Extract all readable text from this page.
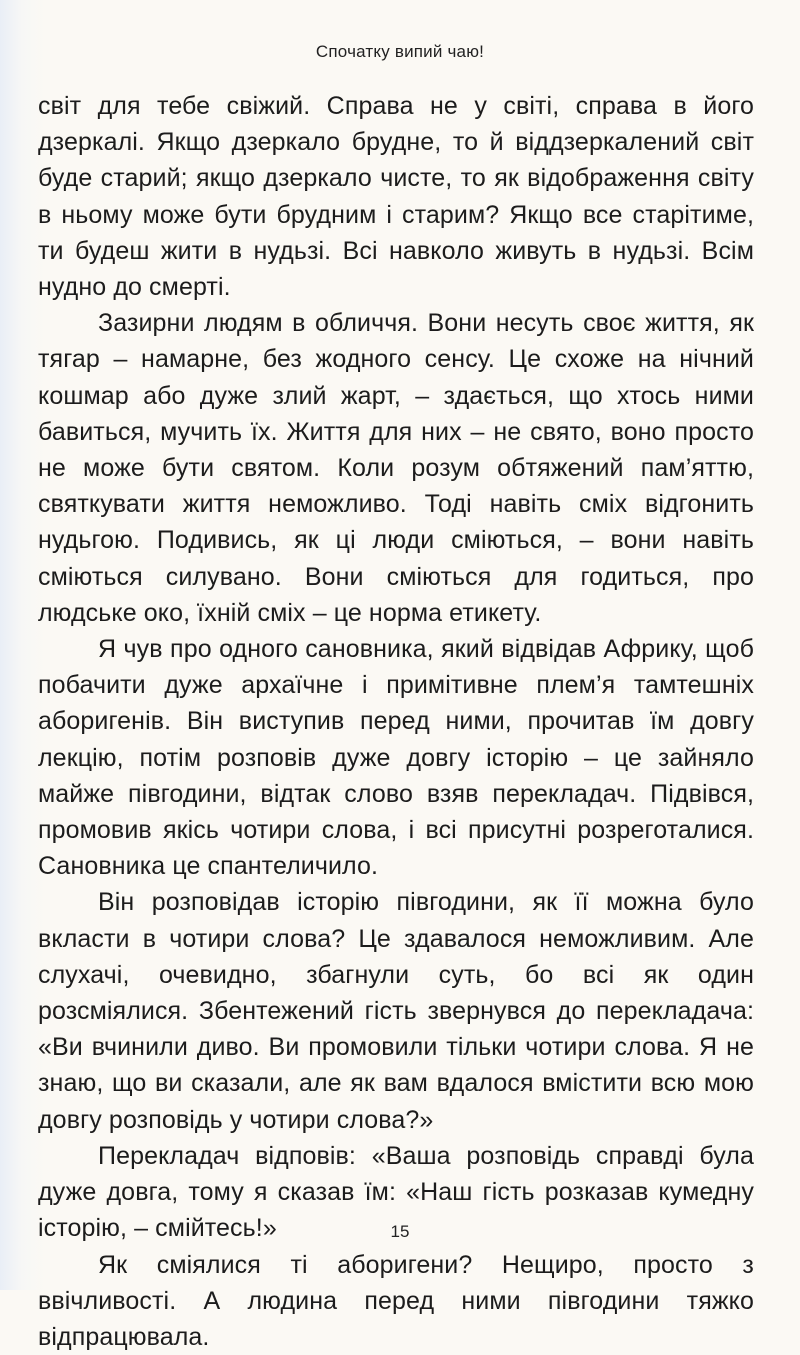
Спочатку випий чаю!

світ для тебе свіжий. Справа не у світі, справа в його дзеркалі. Якщо дзеркало брудне, то й віддзеркалений світ буде старий; якщо дзеркало чисте, то як відображення світу в ньому може бути брудним і старим? Якщо все старітиме, ти будеш жити в нудьзі. Всі навколо живуть в нудьзі. Всім нудно до смерті.

Зазирни людям в обличчя. Вони несуть своє життя, як тягар – намарне, без жодного сенсу. Це схоже на нічний кошмар або дуже злий жарт, – здається, що хтось ними бавиться, мучить їх. Життя для них – не свято, воно просто не може бути святом. Коли розум обтяжений пам’яттю, святкувати життя неможливо. Тоді навіть сміх відгонить нудьгою. Подивись, як ці люди сміються, – вони навіть сміються силувано. Вони сміються для годиться, про людське око, їхній сміх – це норма етикету.

Я чув про одного сановника, який відвідав Африку, щоб побачити дуже архаїчне і примітивне плем’я тамтешніх аборигенів. Він виступив перед ними, прочитав їм довгу лекцію, потім розповів дуже довгу історію – це зайняло майже півгодини, відтак слово взяв перекладач. Підвівся, промовив якісь чотири слова, і всі присутні розреготалися. Сановника це спантеличило.

Він розповідав історію півгодини, як її можна було вкласти в чотири слова? Це здавалося неможливим. Але слухачі, очевидно, збагнули суть, бо всі як один розсміялися. Збентежений гість звернувся до перекладача: «Ви вчинили диво. Ви промовили тільки чотири слова. Я не знаю, що ви сказали, але як вам вдалося вмістити всю мою довгу розповідь у чотири слова?»

Перекладач відповів: «Ваша розповідь справді була дуже довга, тому я сказав їм: «Наш гість розказав кумедну історію, – смійтесь!»

Як сміялися ті аборигени? Нещиро, просто з ввічливості. А людина перед ними півгодини тяжко відпрацювала.

15
